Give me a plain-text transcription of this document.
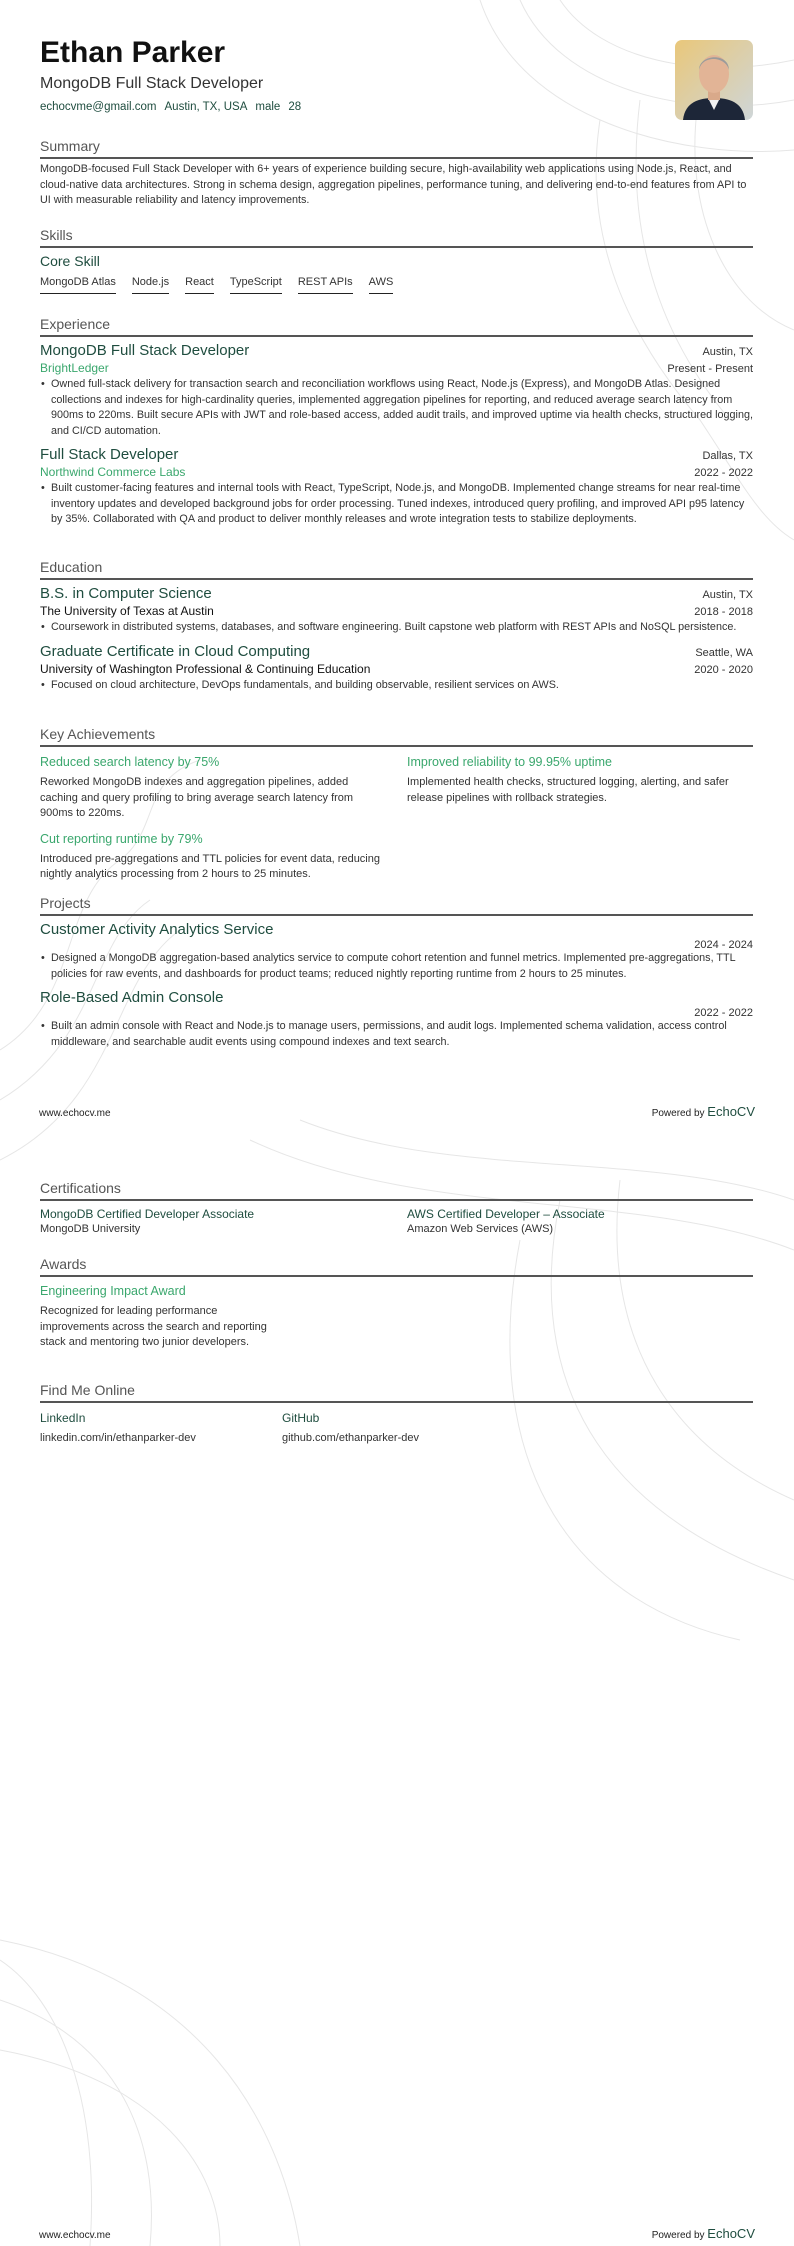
Ethan Parker
MongoDB Full Stack Developer
echocvme@gmail.com Austin, TX, USA male 28
Summary
MongoDB-focused Full Stack Developer with 6+ years of experience building secure, high-availability web applications using Node.js, React, and cloud-native data architectures. Strong in schema design, aggregation pipelines, performance tuning, and delivering end-to-end features from API to UI with measurable reliability and latency improvements.
Skills
Core Skill
MongoDB Atlas Node.js React TypeScript REST APIs AWS
Experience
MongoDB Full Stack Developer	Austin, TX
BrightLedger	Present - Present
• Owned full-stack delivery for transaction search and reconciliation workflows using React, Node.js (Express), and MongoDB Atlas. Designed collections and indexes for high-cardinality queries, implemented aggregation pipelines for reporting, and reduced average search latency from 900ms to 220ms. Built secure APIs with JWT and role-based access, added audit trails, and improved uptime via health checks, structured logging, and CI/CD automation.
Full Stack Developer	Dallas, TX
Northwind Commerce Labs	2022 - 2022
• Built customer-facing features and internal tools with React, TypeScript, Node.js, and MongoDB. Implemented change streams for near real-time inventory updates and developed background jobs for order processing. Tuned indexes, introduced query profiling, and improved API p95 latency by 35%. Collaborated with QA and product to deliver monthly releases and wrote integration tests to stabilize deployments.
Education
B.S. in Computer Science	Austin, TX
The University of Texas at Austin	2018 - 2018
• Coursework in distributed systems, databases, and software engineering. Built capstone web platform with REST APIs and NoSQL persistence.
Graduate Certificate in Cloud Computing	Seattle, WA
University of Washington Professional & Continuing Education	2020 - 2020
• Focused on cloud architecture, DevOps fundamentals, and building observable, resilient services on AWS.
Key Achievements
Reduced search latency by 75%
Reworked MongoDB indexes and aggregation pipelines, added caching and query profiling to bring average search latency from 900ms to 220ms.
Improved reliability to 99.95% uptime
Implemented health checks, structured logging, alerting, and safer release pipelines with rollback strategies.
Cut reporting runtime by 79%
Introduced pre-aggregations and TTL policies for event data, reducing nightly analytics processing from 2 hours to 25 minutes.
Projects
Customer Activity Analytics Service
2024 - 2024
• Designed a MongoDB aggregation-based analytics service to compute cohort retention and funnel metrics. Implemented pre-aggregations, TTL policies for raw events, and dashboards for product teams; reduced nightly reporting runtime from 2 hours to 25 minutes.
Role-Based Admin Console
2022 - 2022
• Built an admin console with React and Node.js to manage users, permissions, and audit logs. Implemented schema validation, access control middleware, and searchable audit events using compound indexes and text search.
www.echocv.me	Powered by EchoCV
Certifications
MongoDB Certified Developer Associate
MongoDB University
AWS Certified Developer – Associate
Amazon Web Services (AWS)
Awards
Engineering Impact Award
Recognized for leading performance improvements across the search and reporting stack and mentoring two junior developers.
Find Me Online
LinkedIn
linkedin.com/in/ethanparker-dev
GitHub
github.com/ethanparker-dev
www.echocv.me	Powered by EchoCV
